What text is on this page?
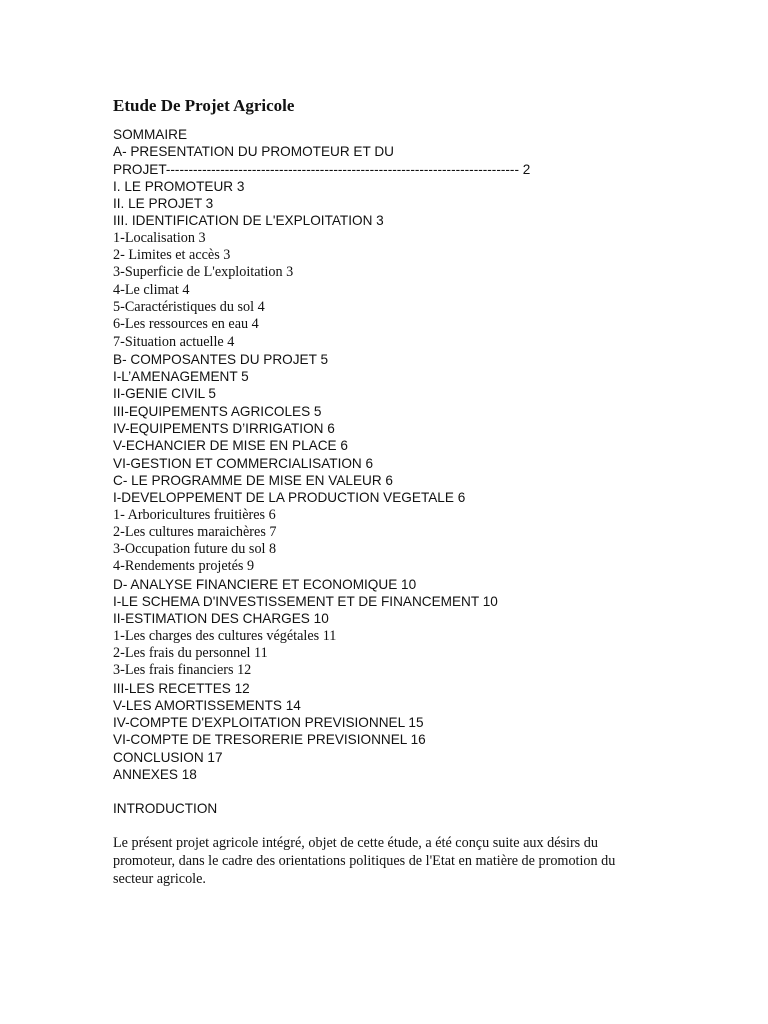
Etude De Projet Agricole
SOMMAIRE
A- PRESENTATION DU PROMOTEUR ET DU
PROJET------------------------------------------------------------------------------ 2
I. LE PROMOTEUR 3
II. LE PROJET 3
III. IDENTIFICATION DE L'EXPLOITATION 3
1-Localisation 3
2- Limites et accès 3
3-Superficie de L'exploitation 3
4-Le climat 4
5-Caractéristiques du sol 4
6-Les ressources en eau 4
7-Situation actuelle 4
B- COMPOSANTES DU PROJET 5
I-L’AMENAGEMENT 5
II-GENIE CIVIL 5
III-EQUIPEMENTS AGRICOLES 5
IV-EQUIPEMENTS D’IRRIGATION 6
V-ECHANCIER DE MISE EN PLACE 6
VI-GESTION ET COMMERCIALISATION 6
C- LE PROGRAMME DE MISE EN VALEUR 6
I-DEVELOPPEMENT DE LA PRODUCTION VEGETALE 6
1- Arboricultures fruitières 6
2-Les cultures maraichères 7
3-Occupation future du sol 8
4-Rendements projetés 9
D- ANALYSE FINANCIERE ET ECONOMIQUE 10
I-LE SCHEMA D'INVESTISSEMENT ET DE FINANCEMENT 10
II-ESTIMATION DES CHARGES 10
1-Les charges des cultures végétales 11
2-Les frais du personnel 11
3-Les frais financiers 12
III-LES RECETTES 12
V-LES AMORTISSEMENTS 14
IV-COMPTE D'EXPLOITATION PREVISIONNEL 15
VI-COMPTE DE TRESORERIE PREVISIONNEL 16
CONCLUSION 17
ANNEXES 18
INTRODUCTION
Le présent projet agricole intégré, objet de cette étude, a été conçu suite aux désirs du promoteur, dans le cadre des orientations politiques de l'Etat en matière de promotion du secteur agricole.
